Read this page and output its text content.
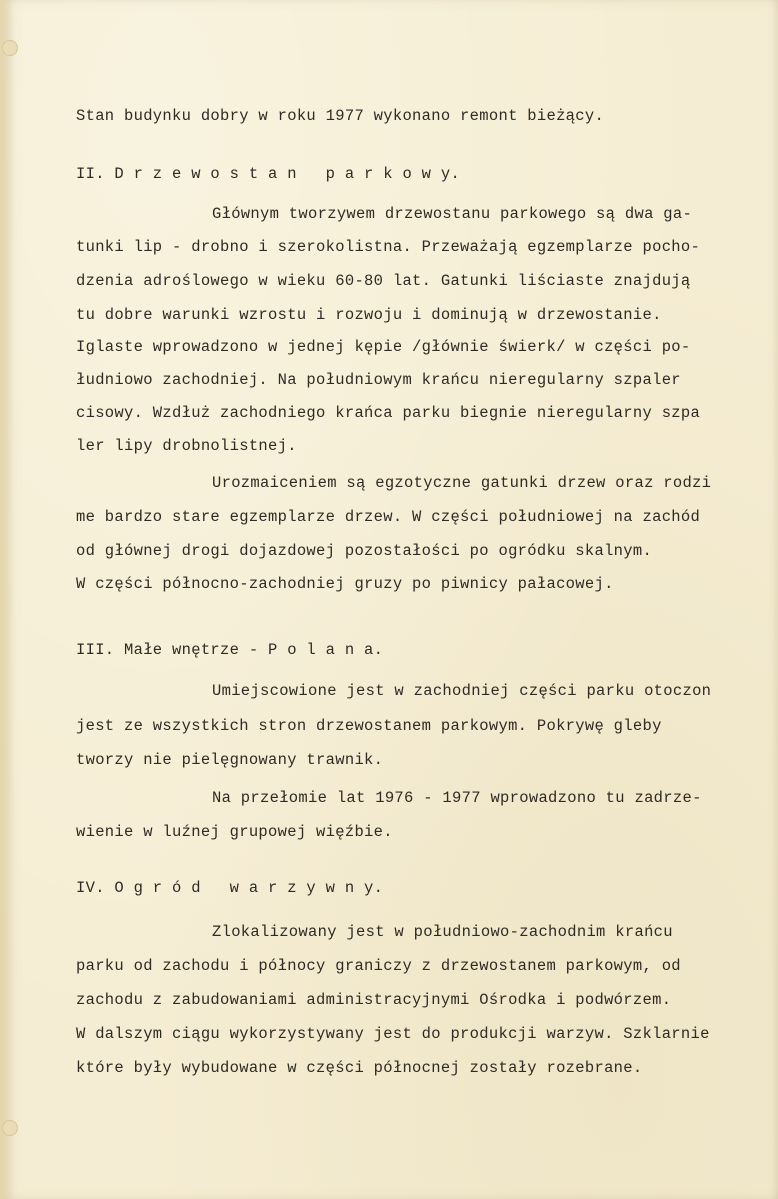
Stan budynku dobry w roku 1977 wykonano remont bieżący.

II. D r z e w o s t a n   p a r k o w y.

Głównym tworzywem drzewostanu parkowego są dwa ga-

tunki lip - drobno i szerokolistna. Przeważają egzemplarze pocho-

dzenia adroślowego w wieku 60-80 lat. Gatunki liściaste znajdują

tu dobre warunki wzrostu i rozwoju i dominują w drzewostanie.

Iglaste wprowadzono w jednej kępie /głównie świerk/ w części po-

łudniowo zachodniej. Na południowym krańcu nieregularny szpaler

cisowy. Wzdłuż zachodniego krańca parku biegnie nieregularny szpa

ler lipy drobnolistnej.

Urozmaiceniem są egzotyczne gatunki drzew oraz rodzi

me bardzo stare egzemplarze drzew. W części południowej na zachód

od głównej drogi dojazdowej pozostałości po ogródku skalnym.

W części północno-zachodniej gruzy po piwnicy pałacowej.

III. Małe wnętrze - P o l a n a.

Umiejscowione jest w zachodniej części parku otoczon

jest ze wszystkich stron drzewostanem parkowym. Pokrywę gleby

tworzy nie pielęgnowany trawnik.

Na przełomie lat 1976 - 1977 wprowadzono tu zadrze-

wienie w luźnej grupowej więźbie.

IV. O g r ó d   w a r z y w n y.

Zlokalizowany jest w południowo-zachodnim krańcu

parku od zachodu i północy graniczy z drzewostanem parkowym, od

zachodu z zabudowaniami administracyjnymi Ośrodka i podwórzem.

W dalszym ciągu wykorzystywany jest do produkcji warzyw. Szklarnie

które były wybudowane w części północnej zostały rozebrane.
